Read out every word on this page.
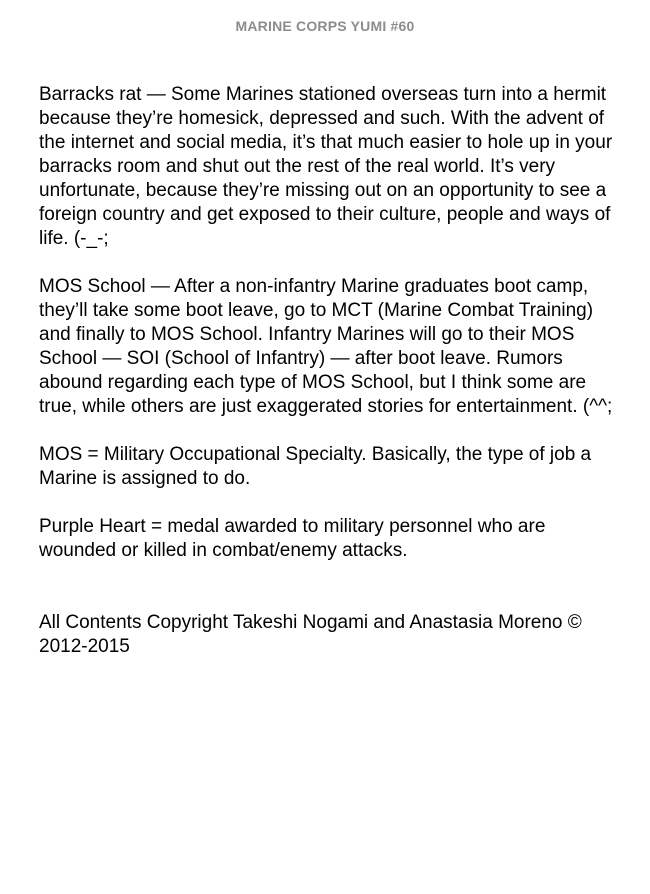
MARINE CORPS YUMI #60

Barracks rat — Some Marines stationed overseas turn into a hermit because they’re homesick, depressed and such. With the advent of the internet and social media, it’s that much easier to hole up in your barracks room and shut out the rest of the real world. It’s very unfortunate, because they’re missing out on an opportunity to see a foreign country and get exposed to their culture, people and ways of life. (-_-;

MOS School — After a non-infantry Marine graduates boot camp, they’ll take some boot leave, go to MCT (Marine Combat Training) and finally to MOS School. Infantry Marines will go to their MOS School — SOI (School of Infantry) — after boot leave. Rumors abound regarding each type of MOS School, but I think some are true, while others are just exaggerated stories for entertainment. (^^;

MOS = Military Occupational Specialty. Basically, the type of job a Marine is assigned to do.

Purple Heart = medal awarded to military personnel who are wounded or killed in combat/enemy attacks.

All Contents Copyright Takeshi Nogami and Anastasia Moreno © 2012-2015
